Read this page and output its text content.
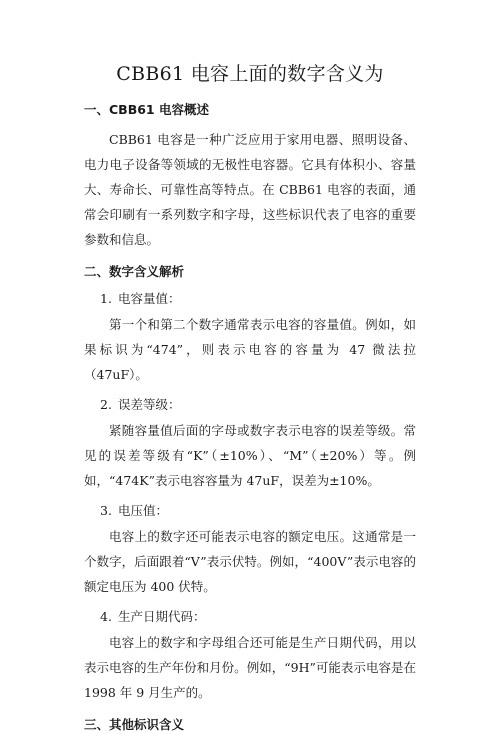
CBB61 电容上面的数字含义为
一、CBB61 电容概述

CBB61 电容是一种广泛应用于家用电器、照明设备、电力电子设备等领域的无极性电容器。它具有体积小、容量大、寿命长、可靠性高等特点。在 CBB61 电容的表面，通常会印刷有一系列数字和字母，这些标识代表了电容的重要参数和信息。

二、数字含义解析
1. 电容量值：

第一个和第二个数字通常表示电容的容量值。例如，如果标识为“474”，则表示电容的容量为 47 微法拉（47uF）。

2. 误差等级：

紧随容量值后面的字母或数字表示电容的误差等级。常见的误差等级有“K”（±10%）、“M”（±20%）等。例如，“474K”表示电容容量为 47uF，误差为±10%。

3. 电压值：

电容上的数字还可能表示电容的额定电压。这通常是一个数字，后面跟着“V”表示伏特。例如，“400V”表示电容的额定电压为 400 伏特。

4. 生产日期代码：

电容上的数字和字母组合还可能是生产日期代码，用以表示电容的生产年份和月份。例如，“9H”可能表示电容是在 1998 年 9 月生产的。

三、其他标识含义
